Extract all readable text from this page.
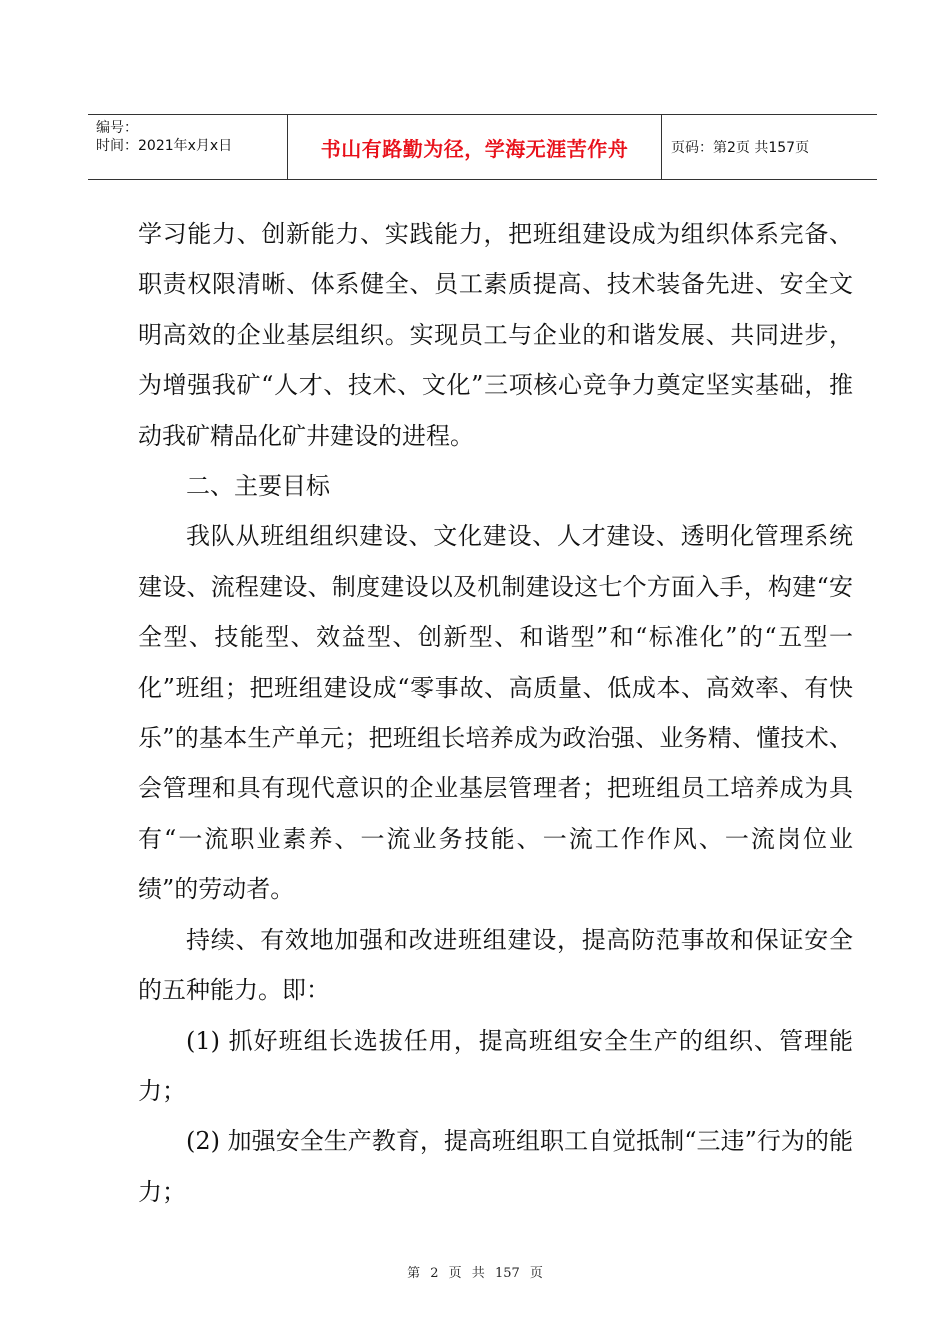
编号：
时间：2021年x月x日	书山有路勤为径，学海无涯苦作舟	页码：第2页 共157页

学习能力、创新能力、实践能力，把班组建设成为组织体系完备、职责权限清晰、体系健全、员工素质提高、技术装备先进、安全文明高效的企业基层组织。实现员工与企业的和谐发展、共同进步，为增强我矿“人才、技术、文化”三项核心竞争力奠定坚实基础，推动我矿精品化矿井建设的进程。

二、主要目标

我队从班组组织建设、文化建设、人才建设、透明化管理系统建设、流程建设、制度建设以及机制建设这七个方面入手，构建“安全型、技能型、效益型、创新型、和谐型”和“标准化”的“五型一化”班组；把班组建设成“零事故、高质量、低成本、高效率、有快乐”的基本生产单元；把班组长培养成为政治强、业务精、懂技术、会管理和具有现代意识的企业基层管理者；把班组员工培养成为具有“一流职业素养、一流业务技能、一流工作作风、一流岗位业绩”的劳动者。

持续、有效地加强和改进班组建设，提高防范事故和保证安全的五种能力。即：

(1) 抓好班组长选拔任用，提高班组安全生产的组织、管理能力；

(2) 加强安全生产教育，提高班组职工自觉抵制“三违”行为的能力；

第 2 页 共 157 页
